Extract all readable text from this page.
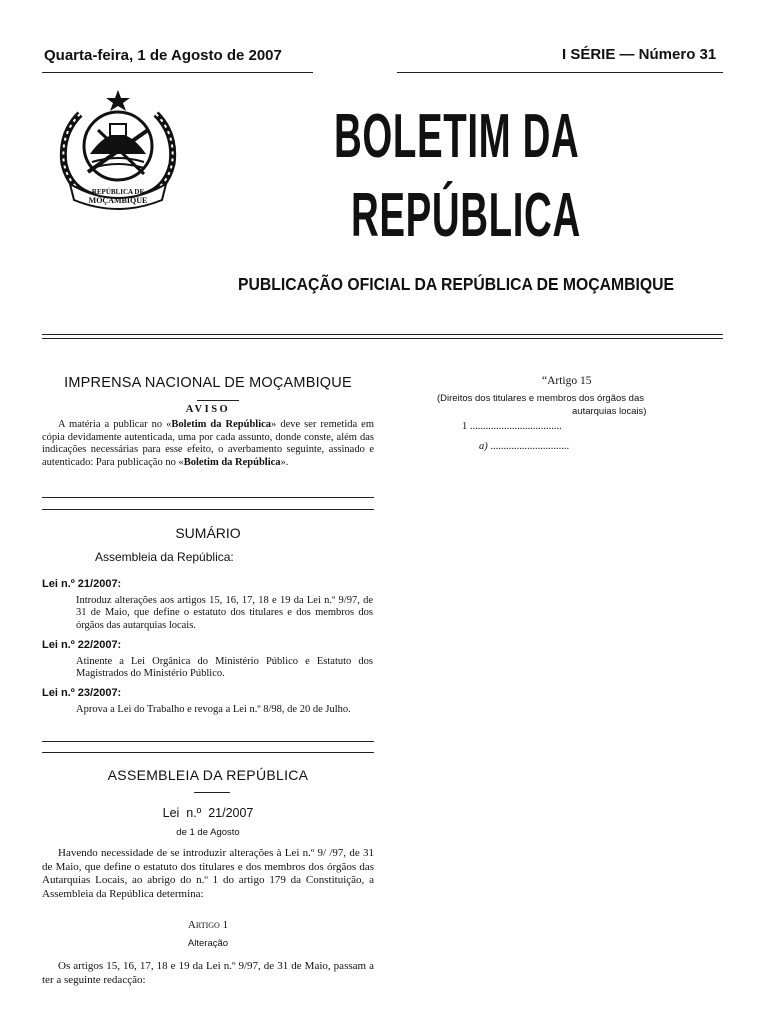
Quarta-feira, 1 de Agosto de 2007	I SÉRIE — Número 31
REPÚBLICA DE
MOÇAMBIQUE
BOLETIM DA
REPÚBLICA
PUBLICAÇÃO OFICIAL DA REPÚBLICA DE MOÇAMBIQUE
IMPRENSA NACIONAL DE MOÇAMBIQUE
AVISO
A matéria a publicar no «Boletim da República» deve ser remetida em cópia devidamente autenticada, uma por cada assunto, donde conste, além das indicações necessárias para esse efeito, o averbamento seguinte, assinado e autenticado: Para publicação no «Boletim da República».
SUMÁRIO
Assembleia da República:
Lei n.º 21/2007:
Introduz alterações aos artigos 15, 16, 17, 18 e 19 da Lei n.º 9/97, de 31 de Maio, que define o estatuto dos titulares e dos membros dos órgãos das autarquias locais.
Lei n.º 22/2007:
Atinente a Lei Orgânica do Ministério Público e Estatuto dos Magistrados do Ministério Público.
Lei n.º 23/2007:
Aprova a Lei do Trabalho e revoga a Lei n.º 8/98, de 20 de Julho.
ASSEMBLEIA DA REPÚBLICA
Lei  n.º  21/2007
de 1 de Agosto
Havendo necessidade de se introduzir alterações à Lei n.º 9/ /97, de 31 de Maio, que define o estatuto dos titulares e dos membros dos órgãos das Autarquias Locais, ao abrigo do n.º 1 do artigo 179 da Constituição, a Assembleia da República determina:
Artigo 1
Alteração
Os artigos 15, 16, 17, 18 e 19 da Lei n.º 9/97, de 31 de Maio, passam a ter a seguinte redacção:
“Artigo 15
(Direitos dos titulares e membros dos órgãos das
autarquias locais)
1 ...................................
a) ..............................
